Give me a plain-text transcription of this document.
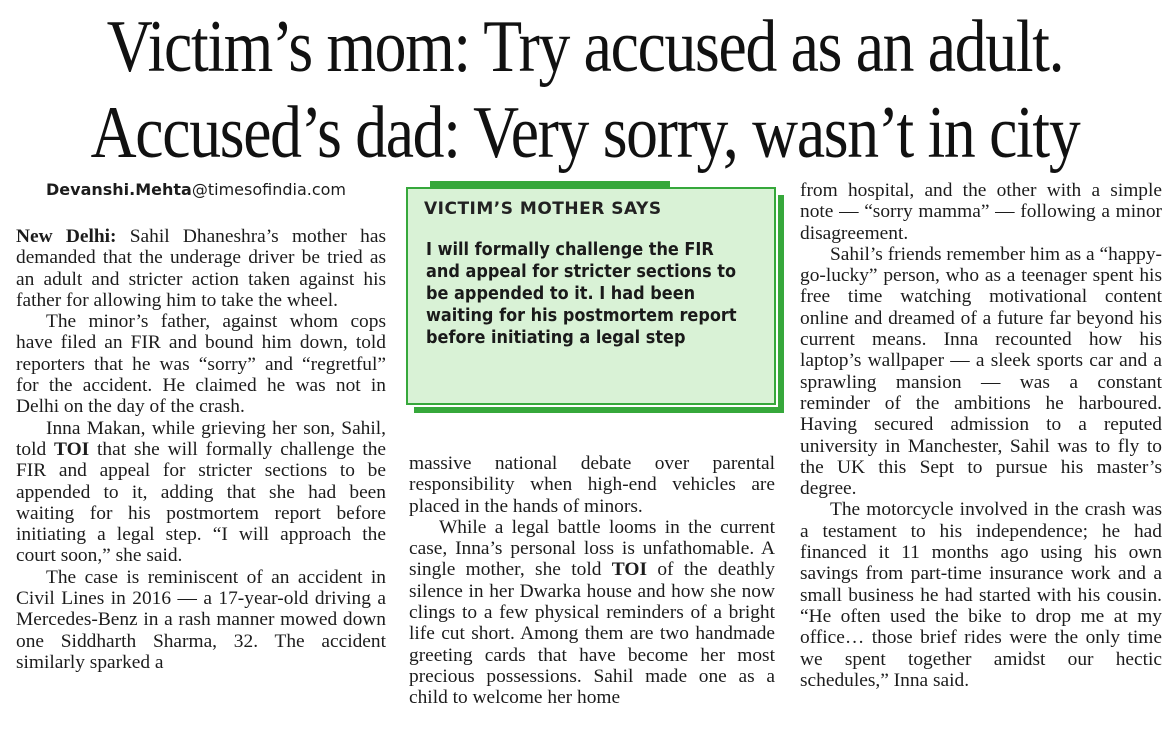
Victim’s mom: Try accused as an adult.
Accused’s dad: Very sorry, wasn’t in city
Devanshi.Mehta@timesofindia.com

New Delhi: Sahil Dhaneshra’s mother has demanded that the underage driver be tried as an adult and stricter action taken against his father for allowing him to take the wheel.

The minor’s father, against whom cops have filed an FIR and bound him down, told reporters that he was “sorry” and “regretful” for the accident. He claimed he was not in Delhi on the day of the crash.

Inna Makan, while grieving her son, Sahil, told TOI that she will formally challenge the FIR and appeal for stricter sections to be appended to it, adding that she had been waiting for his postmortem report before initiating a legal step. “I will approach the court soon,” she said.

The case is reminiscent of an accident in Civil Lines in 2016 — a 17-year-old driving a Mercedes-Benz in a rash manner mowed down one Siddharth Sharma, 32. The accident similarly sparked a

VICTIM’S MOTHER SAYS
I will formally challenge the FIR and appeal for stricter sections to be appended to it. I had been waiting for his postmortem report before initiating a legal step

massive national debate over parental responsibility when high-end vehicles are placed in the hands of minors.

While a legal battle looms in the current case, Inna’s personal loss is unfathomable. A single mother, she told TOI of the deathly silence in her Dwarka house and how she now clings to a few physical reminders of a bright life cut short. Among them are two handmade greeting cards that have become her most precious possessions. Sahil made one as a child to welcome her home

from hospital, and the other with a simple note — “sorry mamma” — following a minor disagreement.

Sahil’s friends remember him as a “happy-go-lucky” person, who as a teenager spent his free time watching motivational content online and dreamed of a future far beyond his current means. Inna recounted how his laptop’s wallpaper — a sleek sports car and a sprawling mansion — was a constant reminder of the ambitions he harboured. Having secured admission to a reputed university in Manchester, Sahil was to fly to the UK this Sept to pursue his master’s degree.

The motorcycle involved in the crash was a testament to his independence; he had financed it 11 months ago using his own savings from part-time insurance work and a small business he had started with his cousin. “He often used the bike to drop me at my office… those brief rides were the only time we spent together amidst our hectic schedules,” Inna said.
